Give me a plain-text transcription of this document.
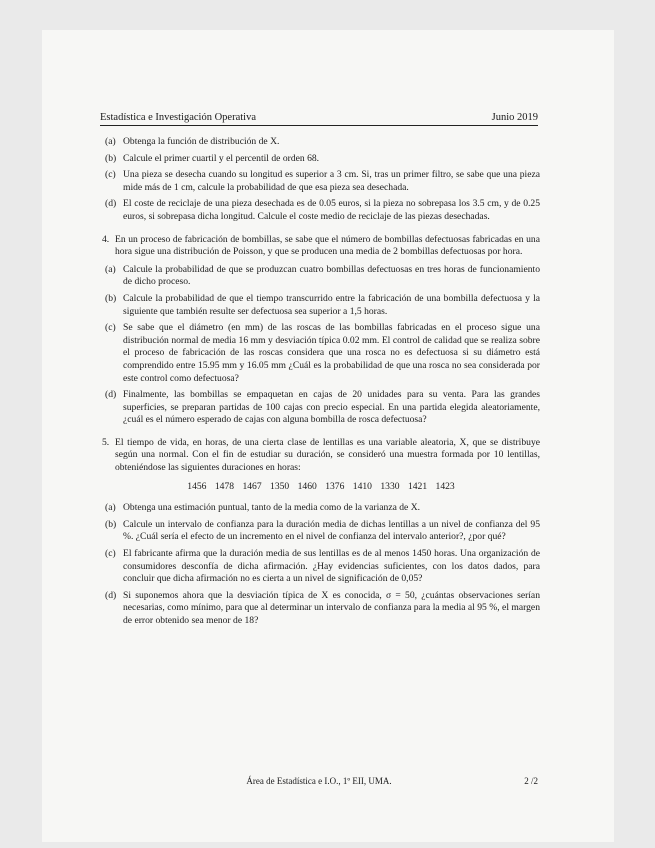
Estadística e Investigación Operativa	Junio 2019
(a) Obtenga la función de distribución de X.
(b) Calcule el primer cuartil y el percentil de orden 68.
(c) Una pieza se desecha cuando su longitud es superior a 3 cm. Si, tras un primer filtro, se sabe que una pieza mide más de 1 cm, calcule la probabilidad de que esa pieza sea desechada.
(d) El coste de reciclaje de una pieza desechada es de 0.05 euros, si la pieza no sobrepasa los 3.5 cm, y de 0.25 euros, si sobrepasa dicha longitud. Calcule el coste medio de reciclaje de las piezas desechadas.
4. En un proceso de fabricación de bombillas, se sabe que el número de bombillas defectuosas fabricadas en una hora sigue una distribución de Poisson, y que se producen una media de 2 bombillas defectuosas por hora.
(a) Calcule la probabilidad de que se produzcan cuatro bombillas defectuosas en tres horas de funcionamiento de dicho proceso.
(b) Calcule la probabilidad de que el tiempo transcurrido entre la fabricación de una bombilla defectuosa y la siguiente que también resulte ser defectuosa sea superior a 1,5 horas.
(c) Se sabe que el diámetro (en mm) de las roscas de las bombillas fabricadas en el proceso sigue una distribución normal de media 16 mm y desviación típica 0.02 mm. El control de calidad que se realiza sobre el proceso de fabricación de las roscas considera que una rosca no es defectuosa si su diámetro está comprendido entre 15.95 mm y 16.05 mm ¿Cuál es la probabilidad de que una rosca no sea considerada por este control como defectuosa?
(d) Finalmente, las bombillas se empaquetan en cajas de 20 unidades para su venta. Para las grandes superficies, se preparan partidas de 100 cajas con precio especial. En una partida elegida aleatoriamente, ¿cuál es el número esperado de cajas con alguna bombilla de rosca defectuosa?
5. El tiempo de vida, en horas, de una cierta clase de lentillas es una variable aleatoria, X, que se distribuye según una normal. Con el fin de estudiar su duración, se consideró una muestra formada por 10 lentillas, obteniéndose las siguientes duraciones en horas:
1456 1478 1467 1350 1460 1376 1410 1330 1421 1423
(a) Obtenga una estimación puntual, tanto de la media como de la varianza de X.
(b) Calcule un intervalo de confianza para la duración media de dichas lentillas a un nivel de confianza del 95 %. ¿Cuál sería el efecto de un incremento en el nivel de confianza del intervalo anterior?, ¿por qué?
(c) El fabricante afirma que la duración media de sus lentillas es de al menos 1450 horas. Una organización de consumidores desconfía de dicha afirmación. ¿Hay evidencias suficientes, con los datos dados, para concluir que dicha afirmación no es cierta a un nivel de significación de 0,05?
(d) Si suponemos ahora que la desviación típica de X es conocida, σ = 50, ¿cuántas observaciones serían necesarias, como mínimo, para que al determinar un intervalo de confianza para la media al 95 %, el margen de error obtenido sea menor de 18?
Área de Estadística e I.O., 1º EII, UMA.	2 /2
